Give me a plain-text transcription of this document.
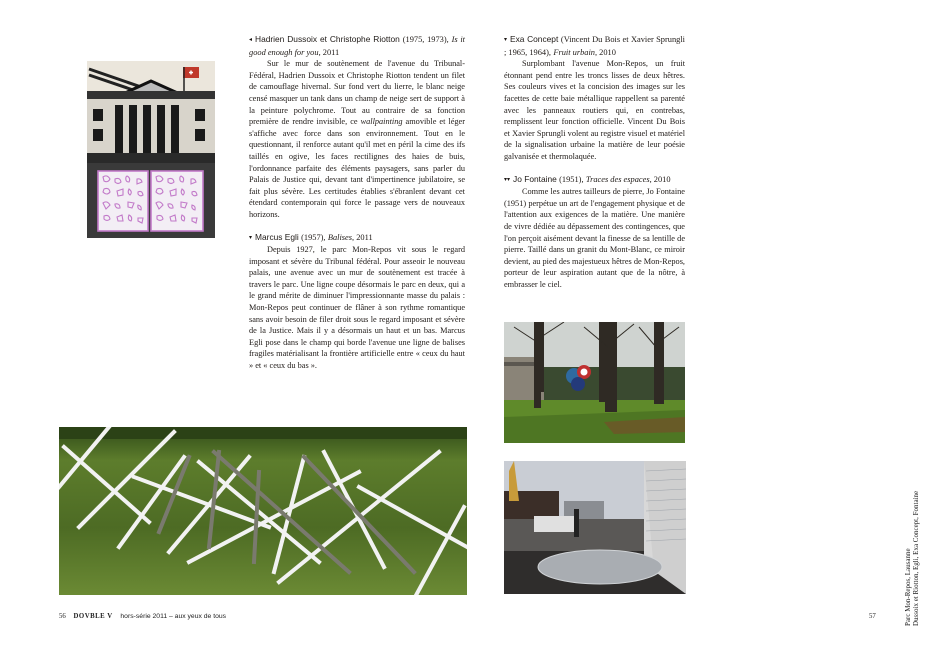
◂ Hadrien Dussoix et Christophe Riotton (1975, 1973), Is it good enough for you, 2011

Sur le mur de soutènement de l'avenue du Tribunal-Fédéral, Hadrien Dussoix et Christophe Riotton tendent un filet de camouflage hivernal. Sur fond vert du lierre, le blanc neige censé masquer un tank dans un champ de neige sert de support à la peinture polychrome. Tout au contraire de sa fonction première de rendre invisible, ce wallpainting amovible et léger s'affiche avec force dans son environnement. Tout en le questionnant, il renforce autant qu'il met en péril la cime des ifs taillés en ogive, les faces rectilignes des haies de buis, l'ordonnance parfaite des éléments paysagers, sans parler du Palais de Justice qui, devant tant d'impertinence jubilatoire, se fait plus sévère. Les certitudes établies s'ébranlent devant cet étendard contemporain qui force le passage vers de nouveaux horizons.

▾ Marcus Egli (1957), Balises, 2011

Depuis 1927, le parc Mon-Repos vit sous le regard imposant et sévère du Tribunal fédéral. Pour asseoir le nouveau palais, une avenue avec un mur de soutènement est tracée à travers le parc. Une ligne coupe désormais le parc en deux, qui a le grand mérite de diminuer l'impressionnante masse du palais : Mon-Repos peut continuer de flâner à son rythme romantique sans avoir besoin de filer droit sous le regard imposant et sévère de la Justice. Mais il y a désormais un haut et un bas. Marcus Egli pose dans le champ qui borde l'avenue une ligne de balises fragiles matérialisant la frontière artificielle entre « ceux du haut » et « ceux du bas ».

▾ Exa Concept (Vincent Du Bois et Xavier Sprungli ; 1965, 1964), Fruit urbain, 2010

Surplombant l'avenue Mon-Repos, un fruit étonnant pend entre les troncs lisses de deux hêtres. Ses couleurs vives et la concision des images sur les facettes de cette baie métallique rappellent sa parenté avec les panneaux routiers qui, en contrebas, remplissent leur fonction officielle. Vincent Du Bois et Xavier Sprungli volent au registre visuel et matériel de la signalisation urbaine la matière de leur poésie galvanisée et thermolaquée.

▾▾ Jo Fontaine (1951), Traces des espaces, 2010

Comme les autres tailleurs de pierre, Jo Fontaine (1951) perpétue un art de l'engagement physique et de l'attention aux exigences de la matière. Une manière de vivre dédiée au dépassement des contingences, que l'on perçoit aisément devant la finesse de sa lentille de pierre. Taillé dans un granit du Mont-Blanc, ce miroir devient, au pied des majestueux hêtres de Mon-Repos, porteur de leur aspiration autant que de la nôtre, à embrasser le ciel.

56 DOVBLE V hors-série 2011 – aux yeux de tous	57	Parc Mon-Repos, Lausanne Dussoix et Riotton, Egli, Exa Concept, Fontaine
